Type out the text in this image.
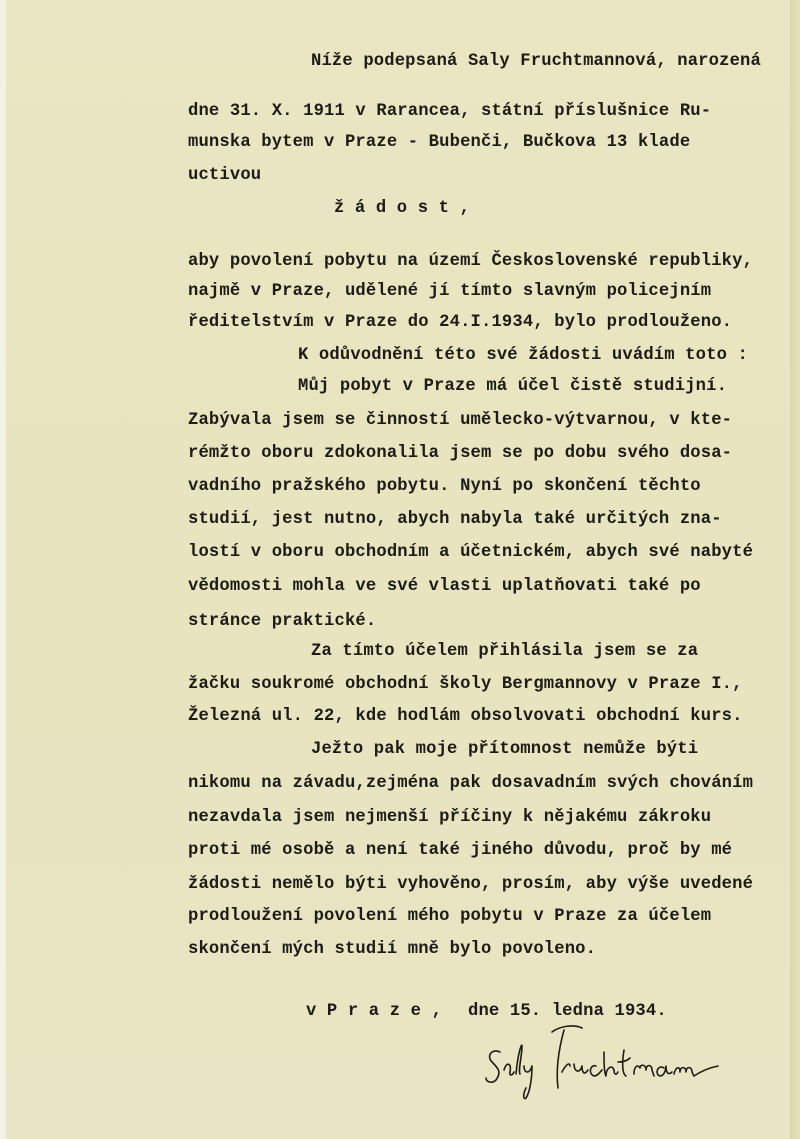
Níže podepsaná Saly Fruchtmannová, narozená
dne 31. X. 1911 v Rarancea, státní příslušnice Ru-
munska bytem v Praze - Bubenči, Bučkova 13 klade
uctivou
ž á d o s t ,
aby povolení pobytu na území Československé republiky,
najmě v Praze, udělené jí tímto slavným policejním
ředitelstvím v Praze do 24.I.1934, bylo prodlouženo.
K odůvodnění této své žádosti uvádím toto :
Můj pobyt v Praze má účel čistě studijní.
Zabývala jsem se činností umělecko-výtvarnou, v kte-
rémžto oboru zdokonalila jsem se po dobu svého dosa-
vadního pražského pobytu. Nyní po skončení těchto
studií, jest nutno, abych nabyla také určitých zna-
lostí v oboru obchodním a účetnickém, abych své nabyté
vědomosti mohla ve své vlasti uplatňovati také po
stránce praktické.
Za tímto účelem přihlásila jsem se za
žačku soukromé obchodní školy Bergmannovy v Praze I.,
Železná ul. 22, kde hodlám obsolvovati obchodní kurs.
Ježto pak moje přítomnost nemůže býti
nikomu na závadu,zejména pak dosavadním svých chováním
nezavdala jsem nejmenší příčiny k nějakému zákroku
proti mé osobě a není také jiného důvodu, proč by mé
žádosti nemělo býti vyhověno, prosím, aby výše uvedené
prodloužení povolení mého pobytu v Praze za účelem
skončení mých studií mně bylo povoleno.
v P r a z e , dne 15. ledna 1934.
